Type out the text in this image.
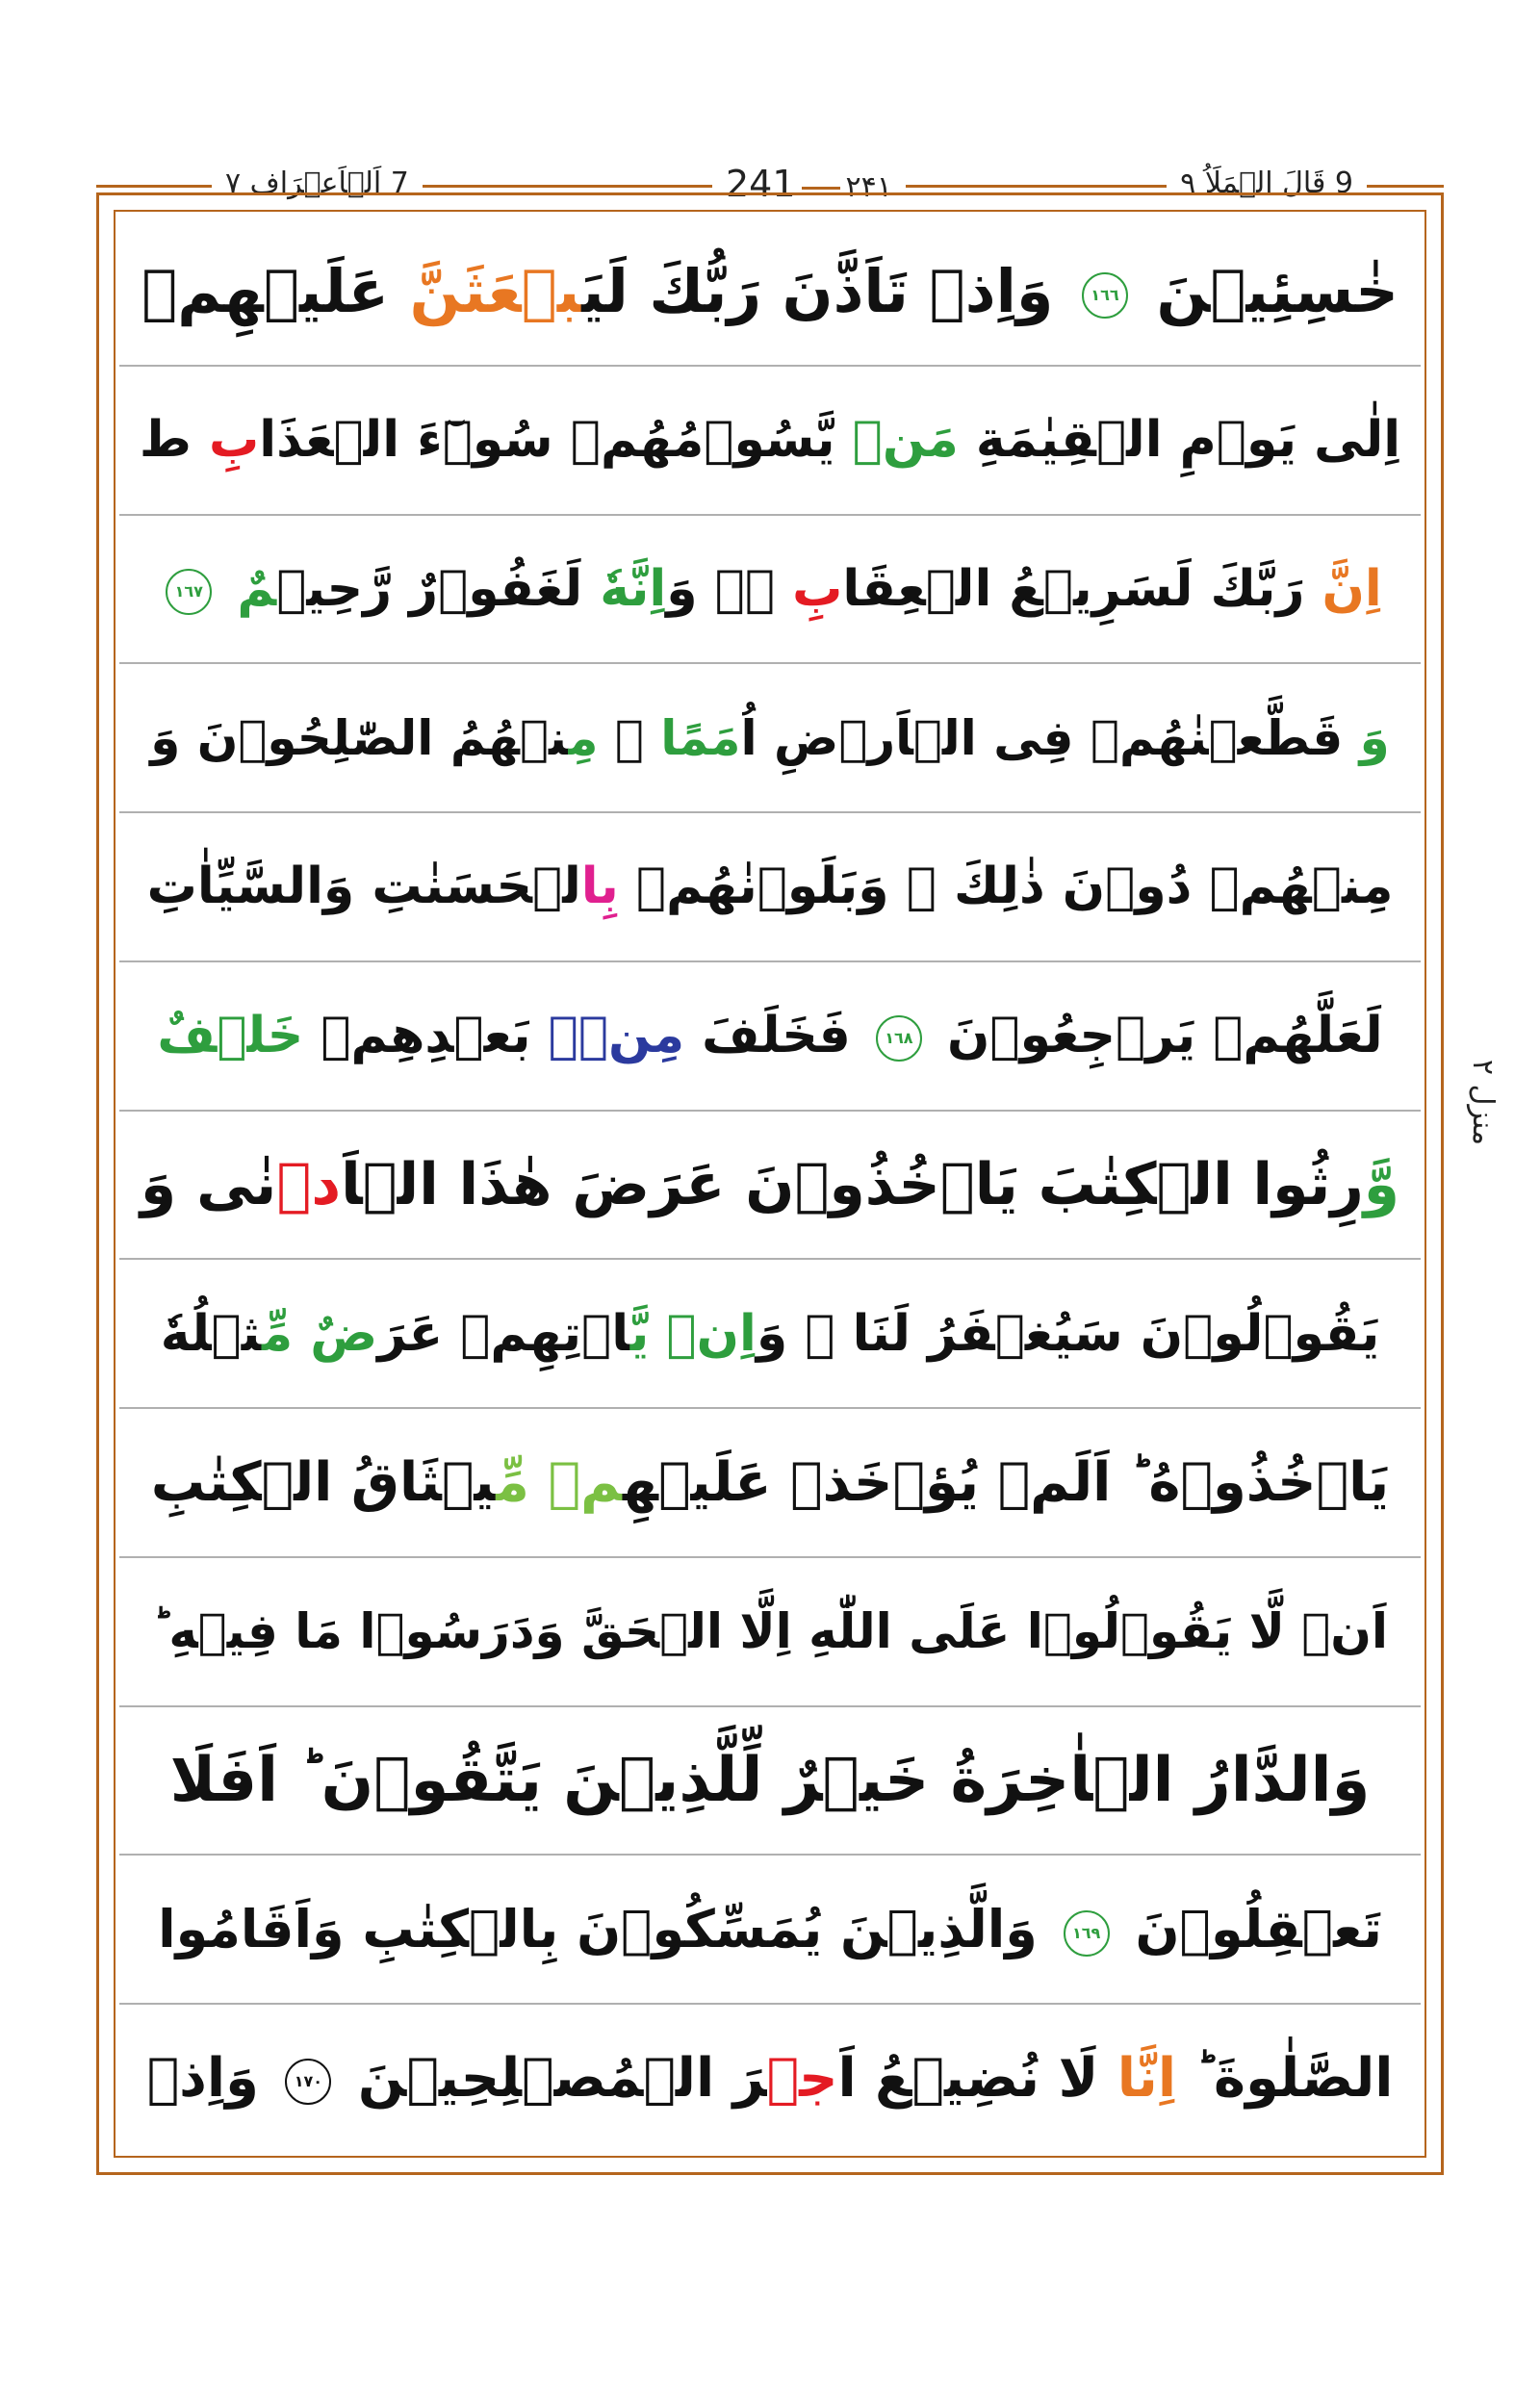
7 اَلۡاَعۡرَاف ۷	۲۴۱241	9 قَالَ الۡمَلَاُ ۹
خٰسِئِيۡنَ ١٦٦ وَاِذۡ تَاَذَّنَ رَبُّكَ لَيَبۡعَثَنَّ عَلَيۡهِمۡ
اِلٰى يَوۡمِ الۡقِيٰمَةِ مَنۡ يَّسُوۡمُهُمۡ سُوۡٓءَ الۡعَذَابِ ط
اِنَّ رَبَّكَ لَسَرِيۡعُ الۡعِقَابِ ۖۚ وَاِنَّهٗ لَغَفُوۡرٌ رَّحِيۡمٌ ١٦٧
وَ قَطَّعۡنٰهُمۡ فِى الۡاَرۡضِ اُمَمًا ۚ مِنۡهُمُ الصّٰلِحُوۡنَ وَ
مِنۡهُمۡ دُوۡنَ ذٰلِكَ ۡ وَبَلَوۡنٰهُمۡ بِالۡحَسَنٰتِ وَالسَّيِّاٰتِ
لَعَلَّهُمۡ يَرۡجِعُوۡنَ ١٦٨ فَخَلَفَ مِنۡۢ بَعۡدِهِمۡ خَلۡفٌ
وَّرِثُوا الۡكِتٰبَ يَاۡخُذُوۡنَ عَرَضَ هٰذَا الۡاَدۡنٰى وَ
يَقُوۡلُوۡنَ سَيُغۡفَرُ لَنَا ۚ وَاِنۡ يَّاۡتِهِمۡ عَرَضٌ مِّثۡلُهٗ
يَاۡخُذُوۡهُ ؕ اَلَمۡ يُؤۡخَذۡ عَلَيۡهِمۡ مِّيۡثَاقُ الۡكِتٰبِ
اَنۡ لَّا يَقُوۡلُوۡا عَلَى اللّٰهِ اِلَّا الۡحَقَّ وَدَرَسُوۡا مَا فِيۡهِ ؕ
وَالدَّارُ الۡاٰخِرَةُ خَيۡرٌ لِّلَّذِيۡنَ يَتَّقُوۡنَ ؕ اَفَلَا
تَعۡقِلُوۡنَ ١٦٩ وَالَّذِيۡنَ يُمَسِّكُوۡنَ بِالۡكِتٰبِ وَاَقَامُوا
الصَّلٰوةَ ؕ اِنَّا لَا نُضِيۡعُ اَجۡرَ الۡمُصۡلِحِيۡنَ ١٧٠ وَاِذۡ
منزل ۲
